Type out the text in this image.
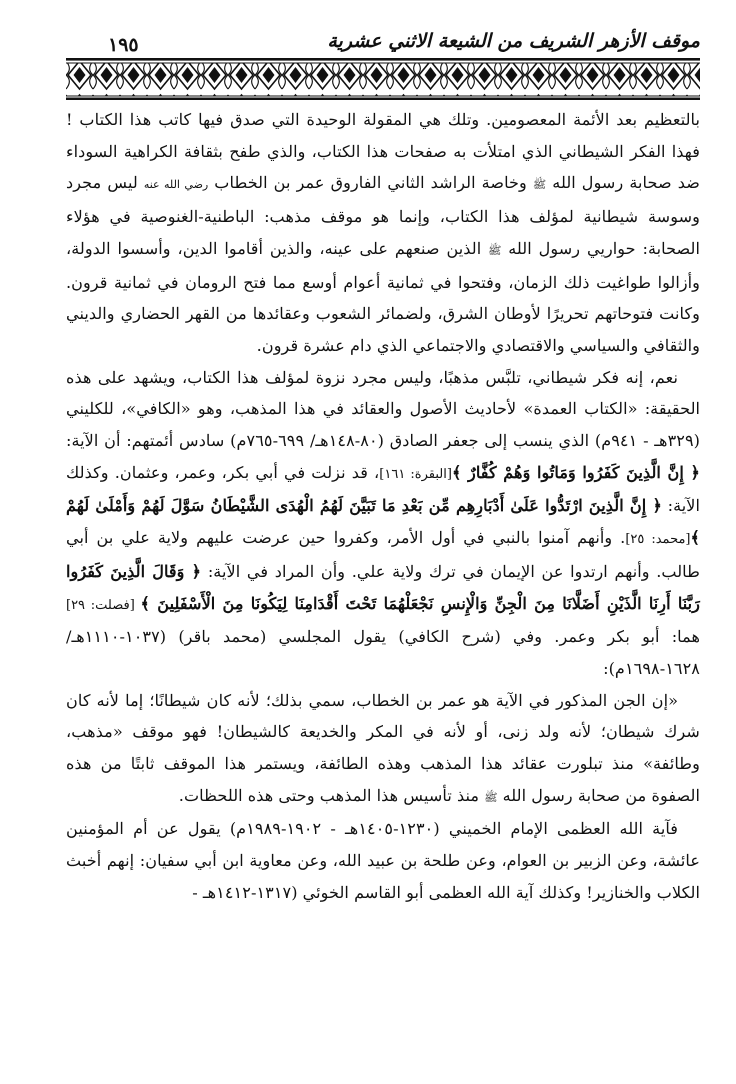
موقف الأزهر الشريف من الشيعة الاثني عشرية
١٩٥

بالتعظيم بعد الأئمة المعصومين. وتلك هي المقولة الوحيدة التي صدق فيها كاتب هذا الكتاب ! فهذا الفكر الشيطاني الذي امتلأت به صفحات هذا الكتاب، والذي طفح بثقافة الكراهية السوداء ضد صحابة رسول الله ﷺ وخاصة الراشد الثاني الفاروق عمر بن الخطاب رضي الله عنه ليس مجرد وسوسة شيطانية لمؤلف هذا الكتاب، وإنما هو موقف مذهب: الباطنية-الغنوصية في هؤلاء الصحابة: حواريي رسول الله ﷺ الذين صنعهم على عينه، والذين أقاموا الدين، وأسسوا الدولة، وأزالوا طواغيت ذلك الزمان، وفتحوا في ثمانية أعوام أوسع مما فتح الرومان في ثمانية قرون. وكانت فتوحاتهم تحريرًا لأوطان الشرق، ولضمائر الشعوب وعقائدها من القهر الحضاري والديني والثقافي والسياسي والاقتصادي والاجتماعي الذي دام عشرة قرون.

نعم، إنه فكر شيطاني، تلبَّس مذهبًا، وليس مجرد نزوة لمؤلف هذا الكتاب، ويشهد على هذه الحقيقة: «الكتاب العمدة» لأحاديث الأصول والعقائد في هذا المذهب، وهو «الكافي»، للكليني (٣٢٩هـ - ٩٤١م) الذي ينسب إلى جعفر الصادق (٨٠-١٤٨هـ/ ٦٩٩-٧٦٥م) سادس أئمتهم: أن الآية: ﴿ إِنَّ الَّذِينَ كَفَرُوا وَمَاتُوا وَهُمْ كُفَّارٌ ﴾[البقرة: ١٦١]، قد نزلت في أبي بكر، وعمر، وعثمان. وكذلك الآية: ﴿ إِنَّ الَّذِينَ ارْتَدُّوا عَلَىٰ أَدْبَارِهِم مِّن بَعْدِ مَا تَبَيَّنَ لَهُمُ الْهُدَى الشَّيْطَانُ سَوَّلَ لَهُمْ وَأَمْلَىٰ لَهُمْ ﴾[محمد: ٢٥]. وأنهم آمنوا بالنبي في أول الأمر، وكفروا حين عرضت عليهم ولاية علي بن أبي طالب. وأنهم ارتدوا عن الإيمان في ترك ولاية علي. وأن المراد في الآية: ﴿ وَقَالَ الَّذِينَ كَفَرُوا رَبَّنَا أَرِنَا الَّذَيْنِ أَضَلَّانَا مِنَ الْجِنِّ وَالْإِنسِ نَجْعَلْهُمَا تَحْتَ أَقْدَامِنَا لِيَكُونَا مِنَ الْأَسْفَلِينَ ﴾ [فصلت: ٢٩] هما: أبو بكر وعمر. وفي (شرح الكافي) يقول المجلسي (محمد باقر) (١٠٣٧-١١١٠هـ/ ١٦٢٨-١٦٩٨م):

«إن الجن المذكور في الآية هو عمر بن الخطاب، سمي بذلك؛ لأنه كان شيطانًا؛ إما لأنه كان شرك شيطان؛ لأنه ولد زنى، أو لأنه في المكر والخديعة كالشيطان! فهو موقف «مذهب، وطائفة» منذ تبلورت عقائد هذا المذهب وهذه الطائفة، ويستمر هذا الموقف ثابتًا من هذه الصفوة من صحابة رسول الله ﷺ منذ تأسيس هذا المذهب وحتى هذه اللحظات.

فآية الله العظمى الإمام الخميني (١٢٣٠-١٤٠٥هـ - ١٩٠٢-١٩٨٩م) يقول عن أم المؤمنين عائشة، وعن الزبير بن العوام، وعن طلحة بن عبيد الله، وعن معاوية ابن أبي سفيان: إنهم أخبث الكلاب والخنازير! وكذلك آية الله العظمى أبو القاسم الخوئي (١٣١٧-١٤١٢هـ -
